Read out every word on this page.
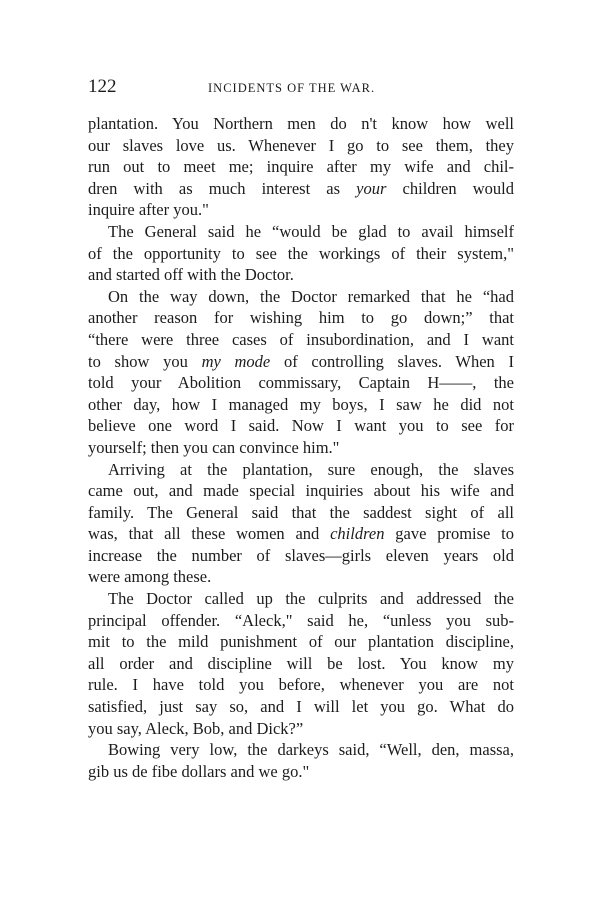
122	INCIDENTS OF THE WAR.
plantation. You Northern men do n't know how well
our slaves love us. Whenever I go to see them, they
run out to meet me; inquire after my wife and chil-
dren with as much interest as your children would
inquire after you."
The General said he “would be glad to avail himself
of the opportunity to see the workings of their system,"
and started off with the Doctor.
On the way down, the Doctor remarked that he “had
another reason for wishing him to go down;” that
“there were three cases of insubordination, and I want
to show you my mode of controlling slaves. When I
told your Abolition commissary, Captain H——, the
other day, how I managed my boys, I saw he did not
believe one word I said. Now I want you to see for
yourself; then you can convince him."
Arriving at the plantation, sure enough, the slaves
came out, and made special inquiries about his wife and
family. The General said that the saddest sight of all
was, that all these women and children gave promise to
increase the number of slaves—girls eleven years old
were among these.
The Doctor called up the culprits and addressed the
principal offender. “Aleck," said he, “unless you sub-
mit to the mild punishment of our plantation discipline,
all order and discipline will be lost. You know my
rule. I have told you before, whenever you are not
satisfied, just say so, and I will let you go. What do
you say, Aleck, Bob, and Dick?”
Bowing very low, the darkeys said, “Well, den, massa,
gib us de fibe dollars and we go."
